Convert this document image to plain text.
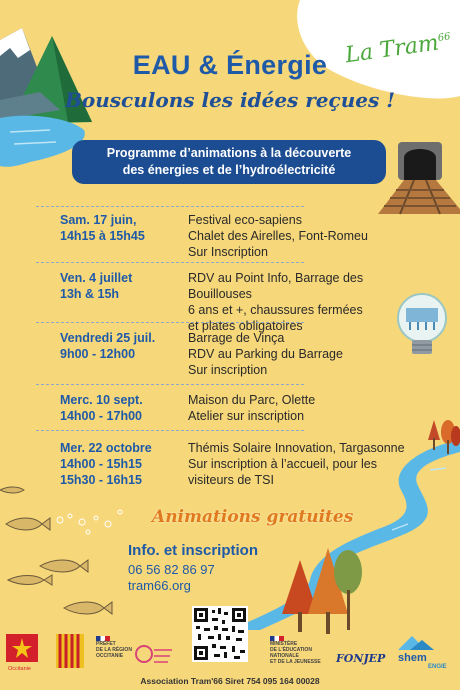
La Tram$^{66}$
EAU & Énergie
Bousculons les idées reçues !
Programme d’animations à la découverte
des énergies et de l’hydroélectricité
Sam. 17 juin,
14h15 à 15h45
Festival eco-sapiens
Chalet des Airelles, Font-Romeu
Sur Inscription
Ven. 4 juillet
13h & 15h
RDV au Point Info, Barrage des Bouillouses
6 ans et +, chaussures fermées
et plates obligatoires
Vendredi 25 juil.
9h00 - 12h00
Barrage de Vinça
RDV au Parking du Barrage
Sur inscription
Merc. 10 sept.
14h00 - 17h00
Maison du Parc, Olette
Atelier sur inscription
Mer. 22 octobre
14h00 - 15h15
15h30 - 16h15
Thémis Solaire Innovation, Targasonne
Sur inscription à l’accueil, pour les
visiteurs de TSI
Animations gratuites
Info. et inscription
06 56 82 86 97
tram66.org
Occitanie
PRÉFET
DE LA RÉGION
OCCITANIE
MINISTÈRE
DE L'ÉDUCATION
NATIONALE
ET DE LA JEUNESSE FONJEP shem
ENGIE
Association Tram'66 Siret 754 095 164 00028
